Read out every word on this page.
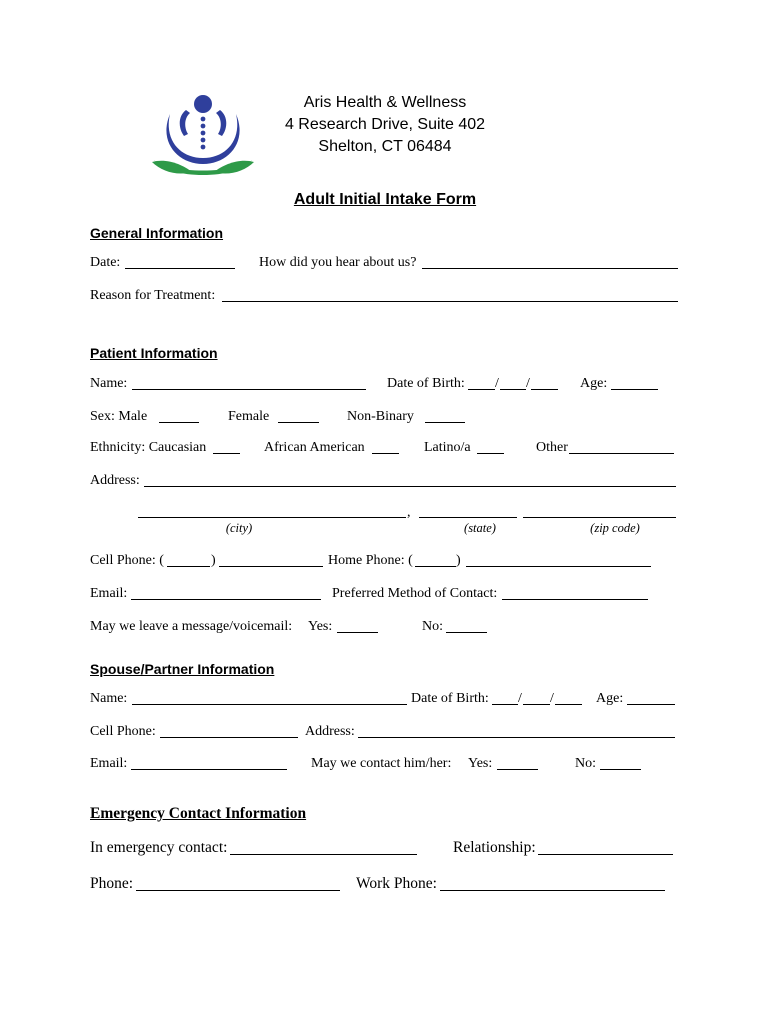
Aris Health & Wellness
4 Research Drive, Suite 402
Shelton, CT 06484
Adult Initial Intake Form
General Information
Date:	How did you hear about us?
Reason for Treatment:
Patient Information
Name:	Date of Birth: / /	Age:
Sex: Male	Female	Non-Binary
Ethnicity: Caucasian	African American	Latino/a	Other
Address:
,
(city)	(state)	(zip code)
Cell Phone: (	)	Home Phone: (	)
Email:	Preferred Method of Contact:
May we leave a message/voicemail: Yes:	No:
Spouse/Partner Information
Name:	Date of Birth: / /	Age:
Cell Phone:	Address:
Email:	May we contact him/her: Yes:	No:
Emergency Contact Information
In emergency contact:	Relationship:
Phone:	Work Phone:
